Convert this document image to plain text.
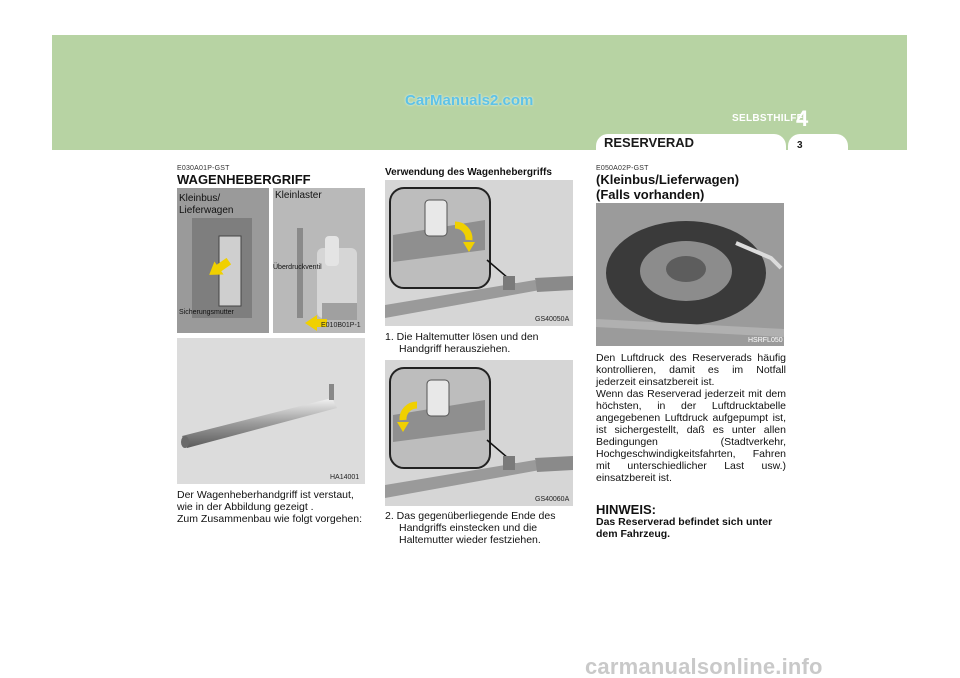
CarManuals2.com
SELBSTHILFE
4
RESERVERAD	3
E030A01P-GST
WAGENHEBERGRIFF
Kleinbus/
Lieferwagen
Kleinlaster
Überdruckventil
Sicherungsmutter
E010B01P-1
HA14001
Der Wagenheberhandgriff ist verstaut, wie in der Abbildung gezeigt .
Zum Zusammenbau wie folgt vorgehen:
Verwendung des Wagenhebergriffs
GS40050A
1. Die Haltemutter lösen und den Handgriff herausziehen.
GS40060A
2. Das gegenüberliegende Ende des Handgriffs einstecken und die Haltemutter wieder festziehen.
E050A02P-GST
(Kleinbus/Lieferwagen)
(Falls vorhanden)
HSRFL050
Den Luftdruck des Reserverads häufig kontrollieren, damit es im Notfall jederzeit einsatzbereit ist.
Wenn das Reserverad jederzeit mit dem höchsten, in der Luftdrucktabelle angegebenen Luftdruck aufgepumpt ist, ist sichergestellt, daß es unter allen Bedingungen (Stadtverkehr, Hochgeschwindigkeitsfahrten, Fahren mit unterschiedlicher Last usw.) einsatzbereit ist.
HINWEIS:
Das Reserverad befindet sich unter dem Fahrzeug.
carmanualsonline.info
